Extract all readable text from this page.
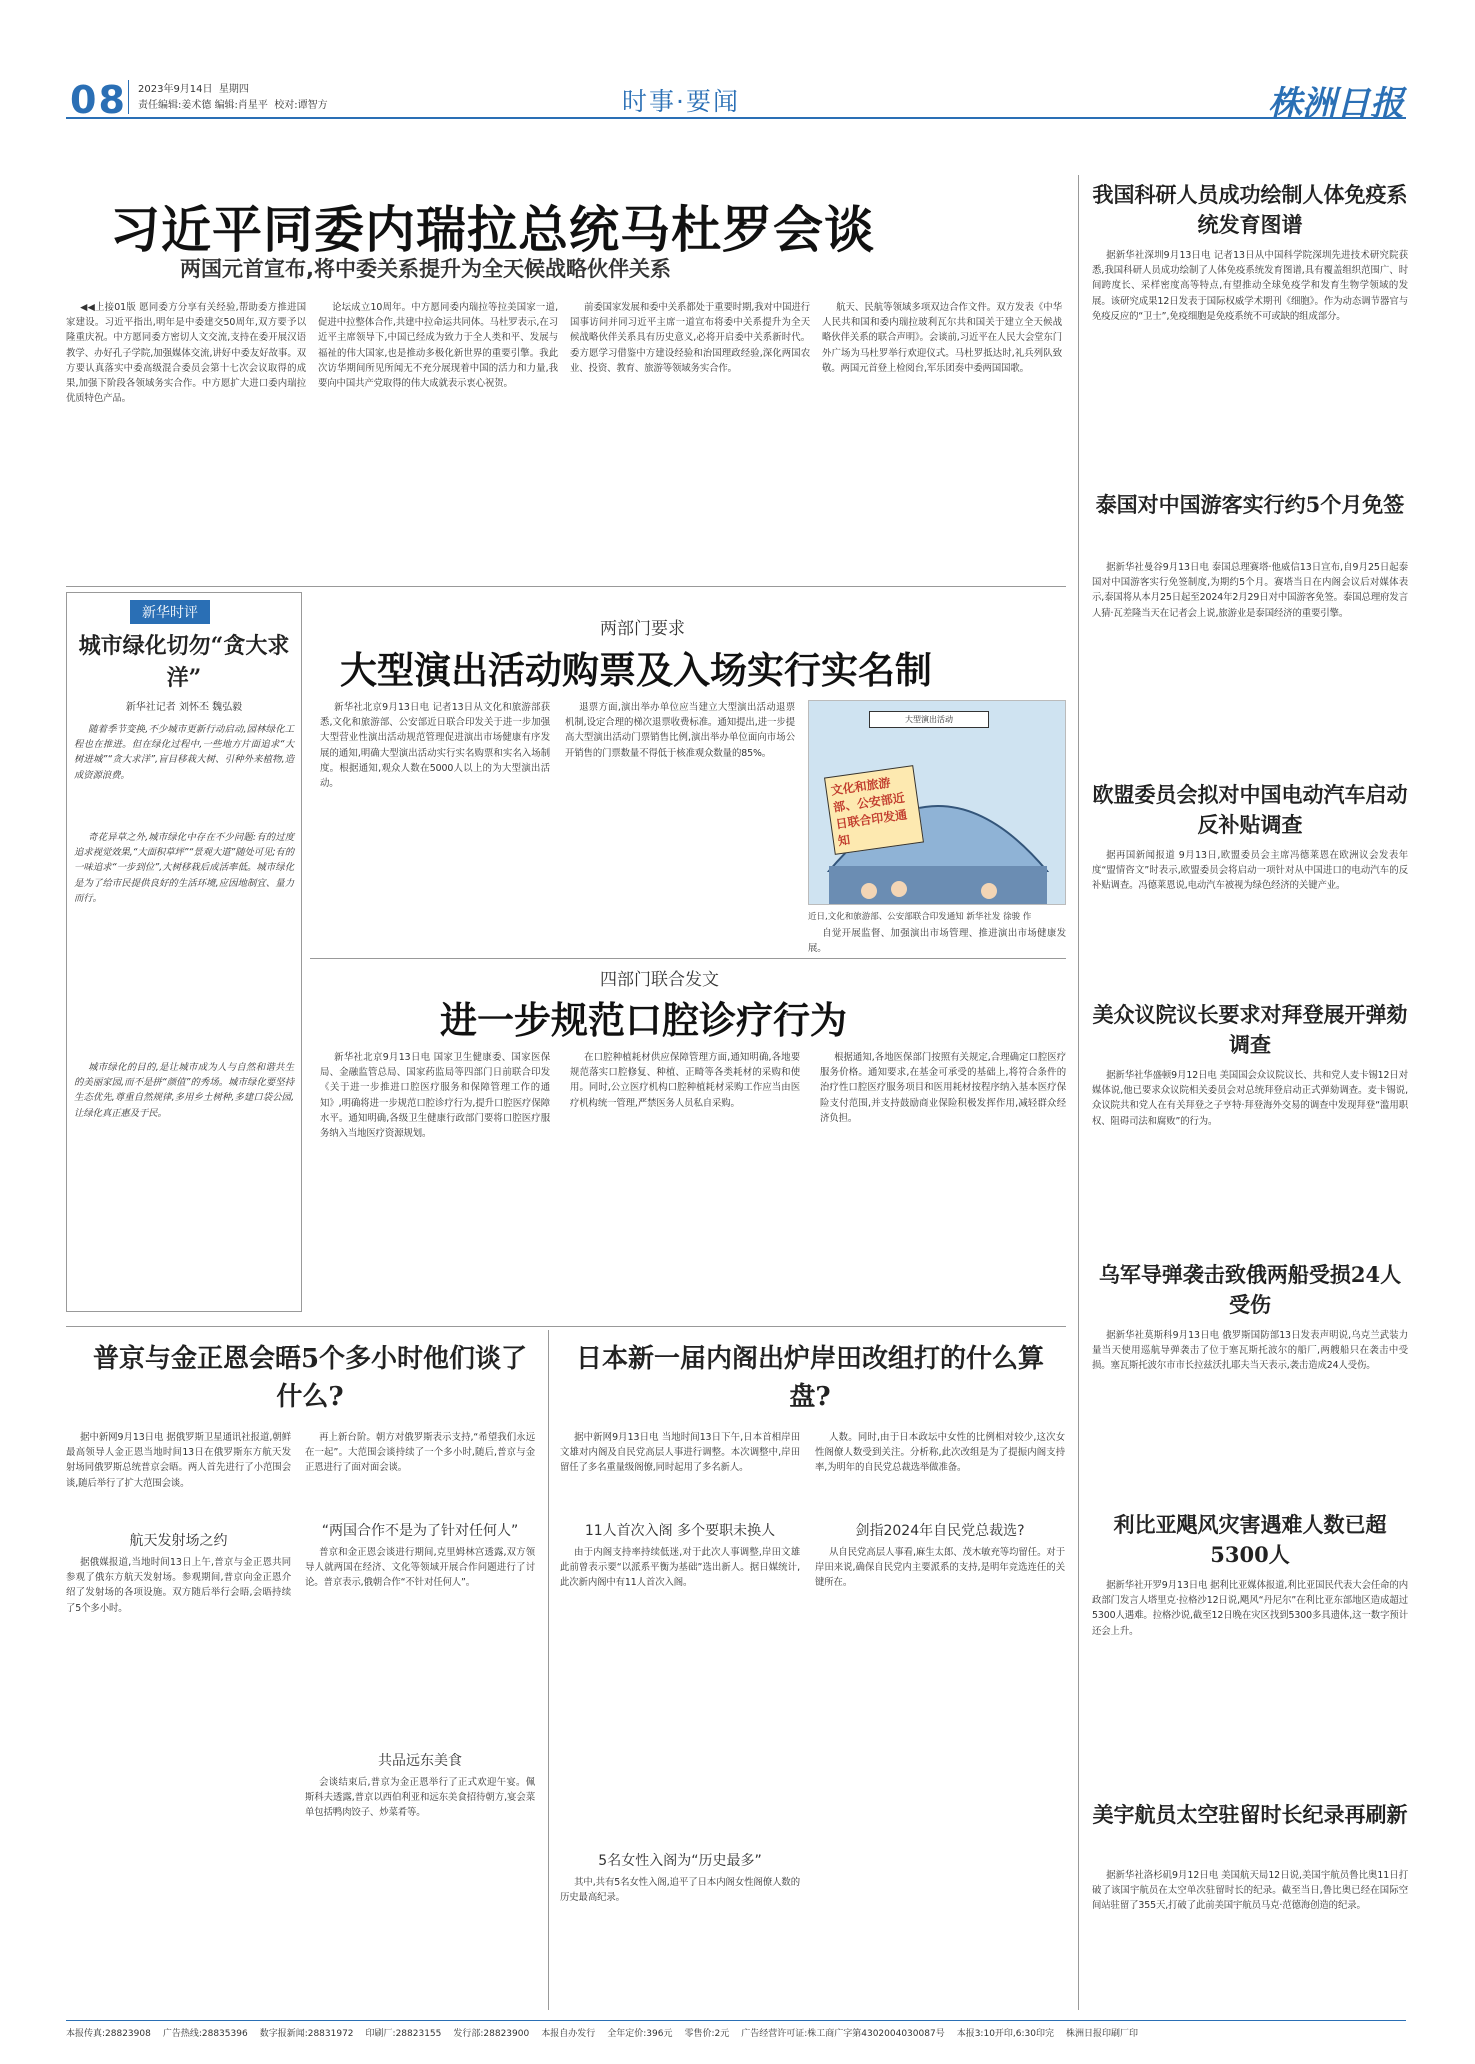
08 2023年9月14日 星期四
责任编辑:姜术德 编辑:肖星平 校对:谭智方	时事·要闻	株洲日报
习近平同委内瑞拉总统马杜罗会谈
两国元首宣布,将中委关系提升为全天候战略伙伴关系

◀◀上接01版 愿同委方分享有关经验,帮助委方推进国家建设。习近平指出,明年是中委建交50周年,双方要予以隆重庆祝。中方愿同委方密切人文交流,支持在委开展汉语教学、办好孔子学院,加强媒体交流,讲好中委友好故事。双方要认真落实中委高级混合委员会第十七次会议取得的成果,加强下阶段各领域务实合作。中方愿扩大进口委内瑞拉优质特色产品。

论坛成立10周年。中方愿同委内瑞拉等拉美国家一道,促进中拉整体合作,共建中拉命运共同体。马杜罗表示,在习近平主席领导下,中国已经成为致力于全人类和平、发展与福祉的伟大国家,也是推动多极化新世界的重要引擎。我此次访华期间所见所闻无不充分展现着中国的活力和力量,我要向中国共产党取得的伟大成就表示衷心祝贺。

前委国家发展和委中关系都处于重要时期,我对中国进行国事访问并同习近平主席一道宣布将委中关系提升为全天候战略伙伴关系具有历史意义,必将开启委中关系新时代。委方愿学习借鉴中方建设经验和治国理政经验,深化两国农业、投资、教育、旅游等领域务实合作。

航天、民航等领域多项双边合作文件。双方发表《中华人民共和国和委内瑞拉玻利瓦尔共和国关于建立全天候战略伙伴关系的联合声明》。会谈前,习近平在人民大会堂东门外广场为马杜罗举行欢迎仪式。马杜罗抵达时,礼兵列队致敬。两国元首登上检阅台,军乐团奏中委两国国歌。

新华时评
城市绿化切勿“贪大求洋”
新华社记者 刘怀丕 魏弘毅

随着季节变换,不少城市更新行动启动,园林绿化工程也在推进。但在绿化过程中,一些地方片面追求“大树进城”“贪大求洋”,盲目移栽大树、引种外来植物,造成资源浪费。

奇花异草之外,城市绿化中存在不少问题:有的过度追求视觉效果,“大面积草坪”“景观大道”随处可见;有的一味追求“一步到位”,大树移栽后成活率低。城市绿化是为了给市民提供良好的生活环境,应因地制宜、量力而行。

城市绿化的目的,是让城市成为人与自然和谐共生的美丽家园,而不是拼“颜值”的秀场。城市绿化要坚持生态优先,尊重自然规律,多用乡土树种,多建口袋公园,让绿化真正惠及于民。

两部门要求
大型演出活动购票及入场实行实名制

新华社北京9月13日电 记者13日从文化和旅游部获悉,文化和旅游部、公安部近日联合印发关于进一步加强大型营业性演出活动规范管理促进演出市场健康有序发展的通知,明确大型演出活动实行实名购票和实名入场制度。根据通知,观众人数在5000人以上的为大型演出活动。

退票方面,演出举办单位应当建立大型演出活动退票机制,设定合理的梯次退票收费标准。通知提出,进一步提高大型演出活动门票销售比例,演出举办单位面向市场公开销售的门票数量不得低于核准观众数量的85%。

大型演出活动
文化和旅游部、公安部近日联合印发通知
近日,文化和旅游部、公安部联合印发通知 新华社发 徐骏 作

自觉开展监督、加强演出市场管理、推进演出市场健康发展。

四部门联合发文
进一步规范口腔诊疗行为

新华社北京9月13日电 国家卫生健康委、国家医保局、金融监管总局、国家药监局等四部门日前联合印发《关于进一步推进口腔医疗服务和保障管理工作的通知》,明确将进一步规范口腔诊疗行为,提升口腔医疗保障水平。通知明确,各级卫生健康行政部门要将口腔医疗服务纳入当地医疗资源规划。

在口腔种植耗材供应保障管理方面,通知明确,各地要规范落实口腔修复、种植、正畸等各类耗材的采购和使用。同时,公立医疗机构口腔种植耗材采购工作应当由医疗机构统一管理,严禁医务人员私自采购。

根据通知,各地医保部门按照有关规定,合理确定口腔医疗服务价格。通知要求,在基金可承受的基础上,将符合条件的治疗性口腔医疗服务项目和医用耗材按程序纳入基本医疗保险支付范围,并支持鼓励商业保险积极发挥作用,减轻群众经济负担。

普京与金正恩会晤5个多小时他们谈了什么?

据中新网9月13日电 据俄罗斯卫星通讯社报道,朝鲜最高领导人金正恩当地时间13日在俄罗斯东方航天发射场同俄罗斯总统普京会晤。两人首先进行了小范围会谈,随后举行了扩大范围会谈。

航天发射场之约

据俄媒报道,当地时间13日上午,普京与金正恩共同参观了俄东方航天发射场。参观期间,普京向金正恩介绍了发射场的各项设施。双方随后举行会晤,会晤持续了5个多小时。

再上新台阶。朝方对俄罗斯表示支持,“希望我们永远在一起”。大范围会谈持续了一个多小时,随后,普京与金正恩进行了面对面会谈。

“两国合作不是为了针对任何人”

普京和金正恩会谈进行期间,克里姆林宫透露,双方领导人就两国在经济、文化等领域开展合作问题进行了讨论。普京表示,俄朝合作“不针对任何人”。

共品远东美食

会谈结束后,普京为金正恩举行了正式欢迎午宴。佩斯科夫透露,普京以西伯利亚和远东美食招待朝方,宴会菜单包括鸭肉饺子、炒菜肴等。

日本新一届内阁出炉岸田改组打的什么算盘?

据中新网9月13日电 当地时间13日下午,日本首相岸田文雄对内阁及自民党高层人事进行调整。本次调整中,岸田留任了多名重量级阁僚,同时起用了多名新人。

11人首次入阁 多个要职未换人

由于内阁支持率持续低迷,对于此次人事调整,岸田文雄此前曾表示要“以派系平衡为基础”选出新人。据日媒统计,此次新内阁中有11人首次入阁。

5名女性入阁为“历史最多”

其中,共有5名女性入阁,追平了日本内阁女性阁僚人数的历史最高纪录。

人数。同时,由于日本政坛中女性的比例相对较少,这次女性阁僚人数受到关注。分析称,此次改组是为了提振内阁支持率,为明年的自民党总裁选举做准备。

剑指2024年自民党总裁选?

从自民党高层人事看,麻生太郎、茂木敏充等均留任。对于岸田来说,确保自民党内主要派系的支持,是明年竞选连任的关键所在。

我国科研人员成功绘制人体免疫系统发育图谱

据新华社深圳9月13日电 记者13日从中国科学院深圳先进技术研究院获悉,我国科研人员成功绘制了人体免疫系统发育图谱,具有覆盖组织范围广、时间跨度长、采样密度高等特点,有望推动全球免疫学和发育生物学领域的发展。该研究成果12日发表于国际权威学术期刊《细胞》。作为动态调节器官与免疫反应的“卫士”,免疫细胞是免疫系统不可或缺的组成部分。

泰国对中国游客实行约5个月免签

据新华社曼谷9月13日电 泰国总理赛塔·他威信13日宣布,自9月25日起泰国对中国游客实行免签制度,为期约5个月。赛塔当日在内阁会议后对媒体表示,泰国将从本月25日起至2024年2月29日对中国游客免签。泰国总理府发言人猜·瓦差隆当天在记者会上说,旅游业是泰国经济的重要引擎。

欧盟委员会拟对中国电动汽车启动反补贴调查

据再国新闻报道 9月13日,欧盟委员会主席冯德莱恩在欧洲议会发表年度“盟情咨文”时表示,欧盟委员会将启动一项针对从中国进口的电动汽车的反补贴调查。冯德莱恩说,电动汽车被视为绿色经济的关键产业。

美众议院议长要求对拜登展开弹劾调查

据新华社华盛顿9月12日电 美国国会众议院议长、共和党人麦卡锡12日对媒体说,他已要求众议院相关委员会对总统拜登启动正式弹劾调查。麦卡锡说,众议院共和党人在有关拜登之子亨特·拜登海外交易的调查中发现拜登“滥用职权、阻碍司法和腐败”的行为。

乌军导弹袭击致俄两船受损24人受伤

据新华社莫斯科9月13日电 俄罗斯国防部13日发表声明说,乌克兰武装力量当天使用巡航导弹袭击了位于塞瓦斯托波尔的船厂,两艘船只在袭击中受损。塞瓦斯托波尔市市长拉兹沃扎耶夫当天表示,袭击造成24人受伤。

利比亚飓风灾害遇难人数已超5300人

据新华社开罗9月13日电 据利比亚媒体报道,利比亚国民代表大会任命的内政部门发言人塔里克·拉格沙12日说,飓风“丹尼尔”在利比亚东部地区造成超过5300人遇难。拉格沙说,截至12日晚在灾区找到5300多具遗体,这一数字预计还会上升。

美宇航员太空驻留时长纪录再刷新

据新华社洛杉矶9月12日电 美国航天局12日说,美国宇航员鲁比奥11日打破了该国宇航员在太空单次驻留时长的纪录。截至当日,鲁比奥已经在国际空间站驻留了355天,打破了此前美国宇航员马克·范德海创造的纪录。

本报传真:28823908 广告热线:28835396 数字报新闻:28831972 印刷厂:28823155 发行部:28823900 本报自办发行 全年定价:396元 零售价:2元 广告经营许可证:株工商广字第4302004030087号 本报3:10开印,6:30印完 株洲日报印刷厂印
